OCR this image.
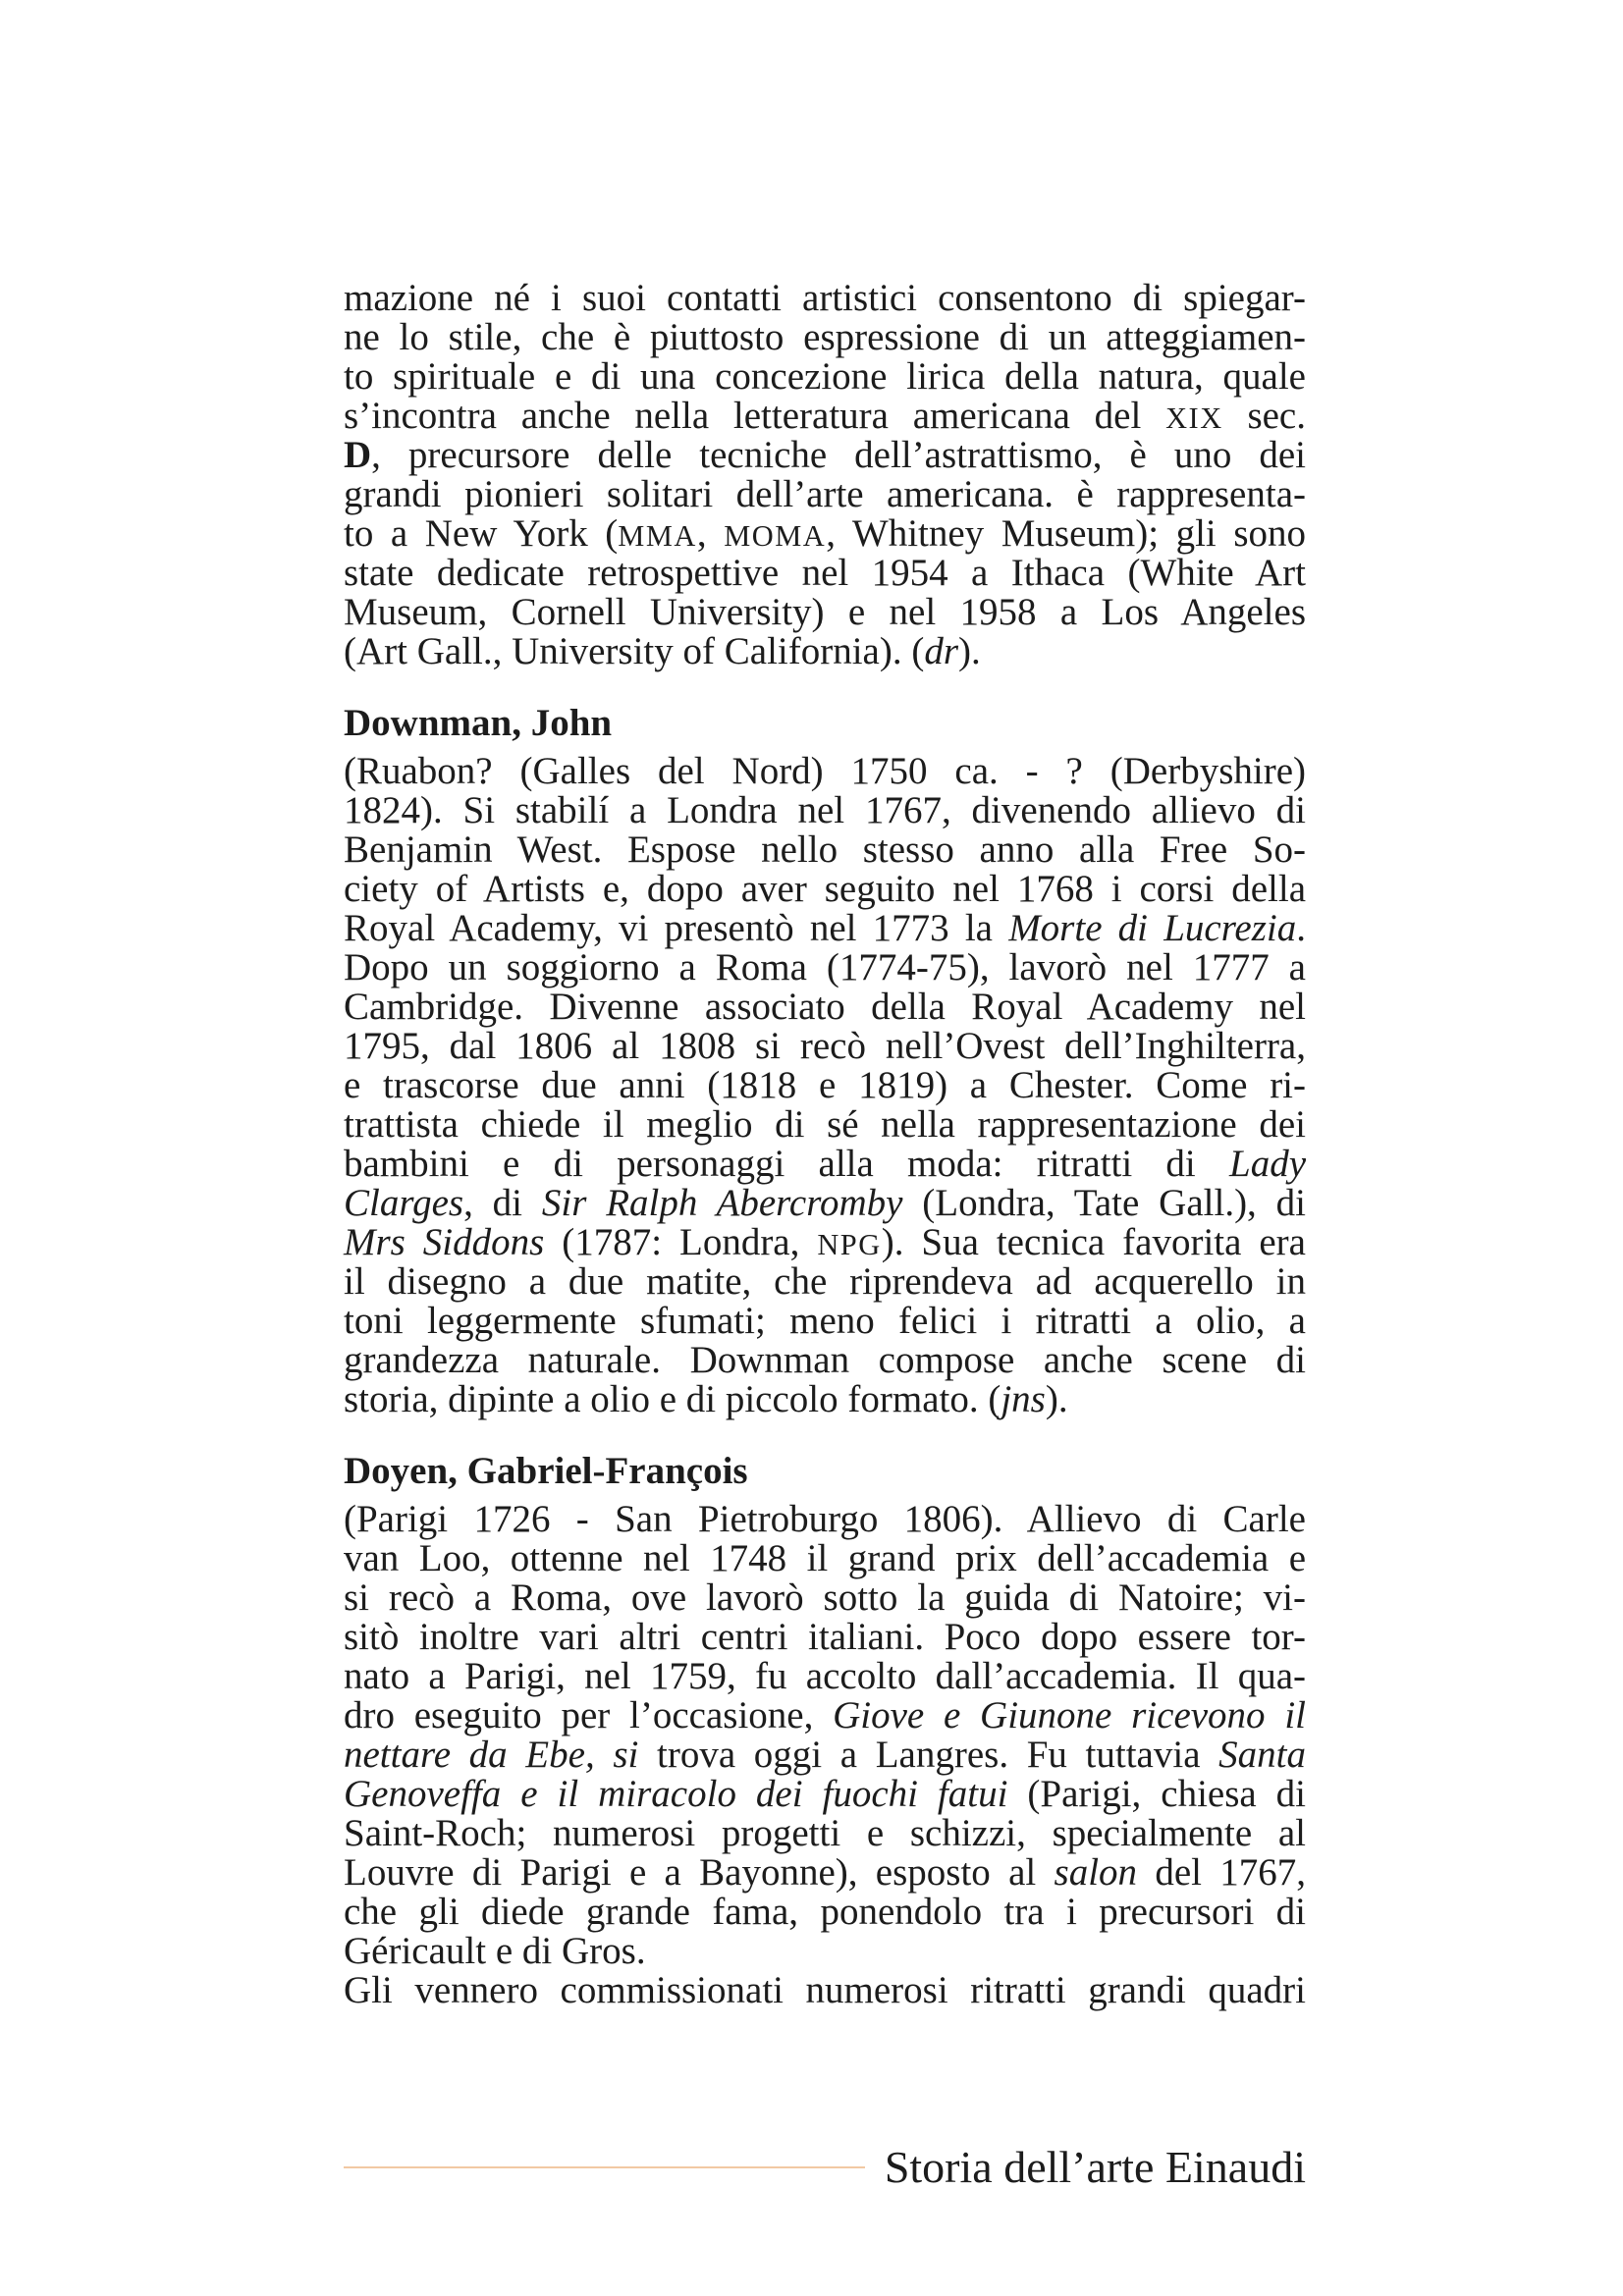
mazione né i suoi contatti artistici consentono di spiegar-
ne lo stile, che è piuttosto espressione di un atteggiamen-
to spirituale e di una concezione lirica della natura, quale
s’incontra anche nella letteratura americana del XIX sec.
D, precursore delle tecniche dell’astrattismo, è uno dei
grandi pionieri solitari dell’arte americana. è rappresenta-
to a New York (MMA, MOMA, Whitney Museum); gli sono
state dedicate retrospettive nel 1954 a Ithaca (White Art
Museum, Cornell University) e nel 1958 a Los Angeles
(Art Gall., University of California). (dr).
Downman, John
(Ruabon? (Galles del Nord) 1750 ca. - ? (Derbyshire)
1824). Si stabilí a Londra nel 1767, divenendo allievo di
Benjamin West. Espose nello stesso anno alla Free So-
ciety of Artists e, dopo aver seguito nel 1768 i corsi della
Royal Academy, vi presentò nel 1773 la Morte di Lucrezia.
Dopo un soggiorno a Roma (1774-75), lavorò nel 1777 a
Cambridge. Divenne associato della Royal Academy nel
1795, dal 1806 al 1808 si recò nell’Ovest dell’Inghilterra,
e trascorse due anni (1818 e 1819) a Chester. Come ri-
trattista chiede il meglio di sé nella rappresentazione dei
bambini e di personaggi alla moda: ritratti di Lady
Clarges, di Sir Ralph Abercromby (Londra, Tate Gall.), di
Mrs Siddons (1787: Londra, NPG). Sua tecnica favorita era
il disegno a due matite, che riprendeva ad acquerello in
toni leggermente sfumati; meno felici i ritratti a olio, a
grandezza naturale. Downman compose anche scene di
storia, dipinte a olio e di piccolo formato. (jns).
Doyen, Gabriel-François
(Parigi 1726 - San Pietroburgo 1806). Allievo di Carle
van Loo, ottenne nel 1748 il grand prix dell’accademia e
si recò a Roma, ove lavorò sotto la guida di Natoire; vi-
sitò inoltre vari altri centri italiani. Poco dopo essere tor-
nato a Parigi, nel 1759, fu accolto dall’accademia. Il qua-
dro eseguito per l’occasione, Giove e Giunone ricevono il
nettare da Ebe, si trova oggi a Langres. Fu tuttavia Santa
Genoveffa e il miracolo dei fuochi fatui (Parigi, chiesa di
Saint-Roch; numerosi progetti e schizzi, specialmente al
Louvre di Parigi e a Bayonne), esposto al salon del 1767,
che gli diede grande fama, ponendolo tra i precursori di
Géricault e di Gros.
Gli vennero commissionati numerosi ritratti grandi quadri
Storia dell’arte Einaudi
